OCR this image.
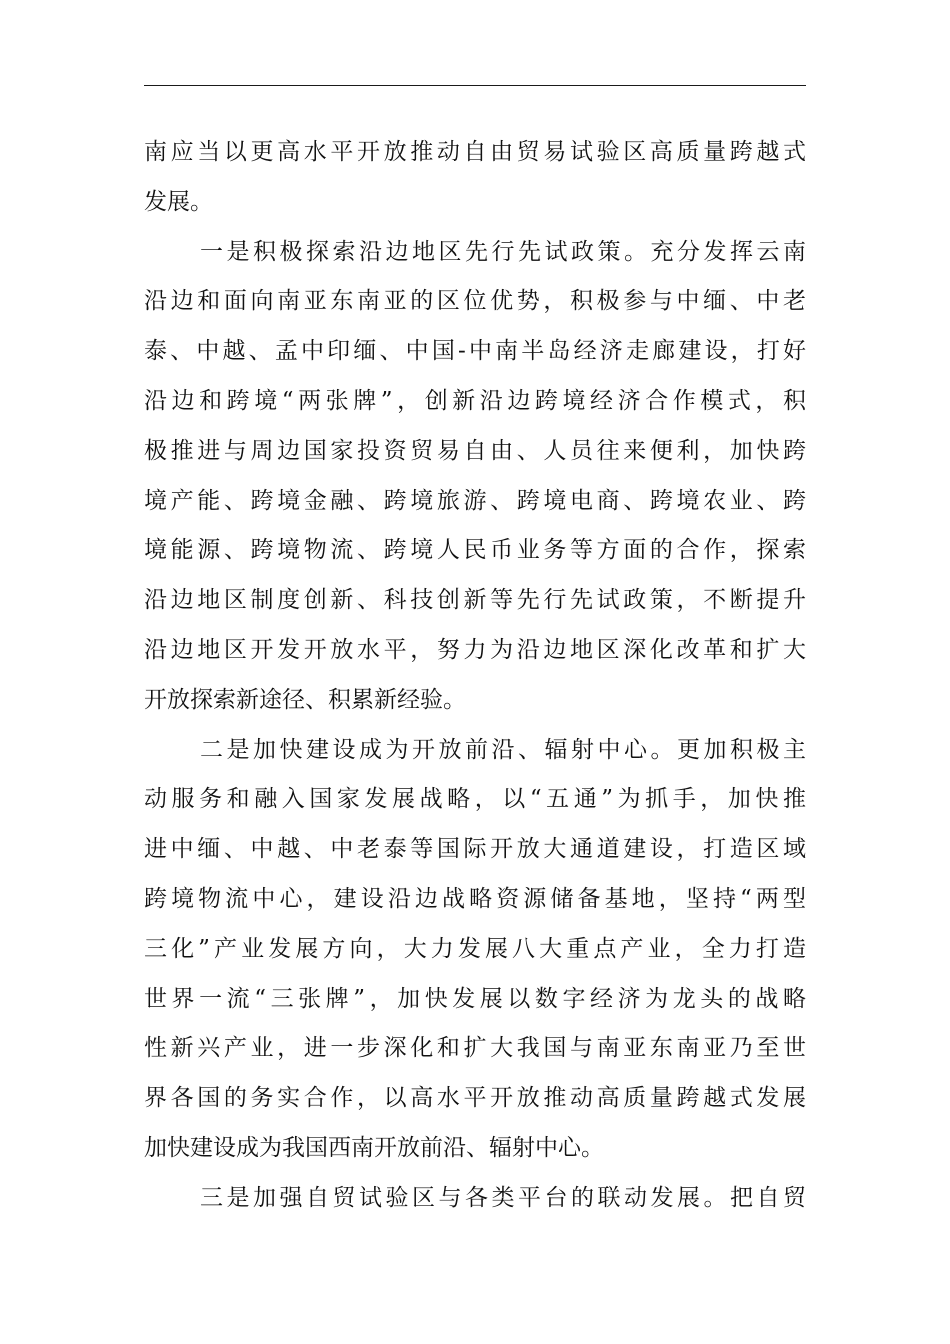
南应当以更高水平开放推动自由贸易试验区高质量跨越式
发展。
一是积极探索沿边地区先行先试政策。充分发挥云南
沿边和面向南亚东南亚的区位优势，积极参与中缅、中老
泰、中越、孟中印缅、中国-中南半岛经济走廊建设，打好
沿边和跨境“两张牌”，创新沿边跨境经济合作模式，积
极推进与周边国家投资贸易自由、人员往来便利，加快跨
境产能、跨境金融、跨境旅游、跨境电商、跨境农业、跨
境能源、跨境物流、跨境人民币业务等方面的合作，探索
沿边地区制度创新、科技创新等先行先试政策，不断提升
沿边地区开发开放水平，努力为沿边地区深化改革和扩大
开放探索新途径、积累新经验。
二是加快建设成为开放前沿、辐射中心。更加积极主
动服务和融入国家发展战略，以“五通”为抓手，加快推
进中缅、中越、中老泰等国际开放大通道建设，打造区域
跨境物流中心，建设沿边战略资源储备基地，坚持“两型
三化”产业发展方向，大力发展八大重点产业，全力打造
世界一流“三张牌”，加快发展以数字经济为龙头的战略
性新兴产业，进一步深化和扩大我国与南亚东南亚乃至世
界各国的务实合作，以高水平开放推动高质量跨越式发展
加快建设成为我国西南开放前沿、辐射中心。
三是加强自贸试验区与各类平台的联动发展。把自贸
